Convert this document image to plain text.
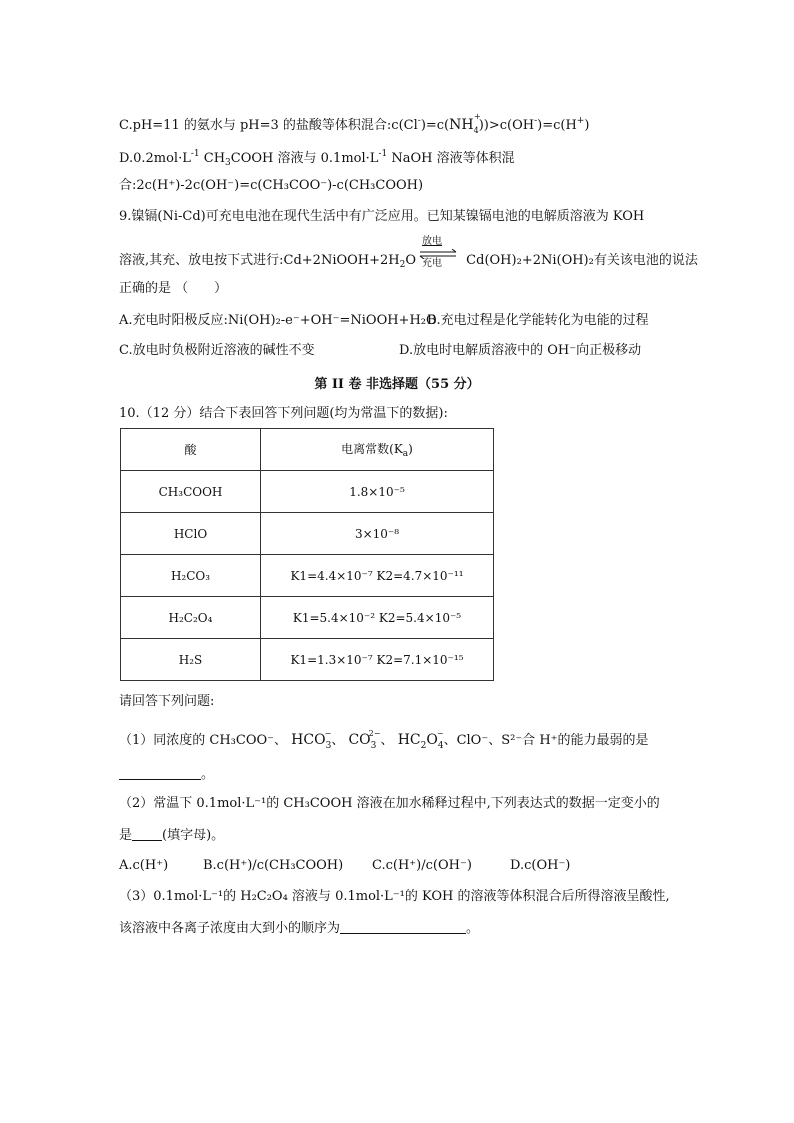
C.pH=11 的氨水与 pH=3 的盐酸等体积混合$:c(Cl^-)=c(NH_4$
+
))>c(OH-)=c(H+)
$D.0.2mol\cdot L^{-1}$ $CH_3COOH$ 溶液与 $0.1mol\cdot L^{-1}$ NaOH 溶液等体积混
合:2c(H⁺)-2c(OH⁻)=c(CH₃COO⁻)-c(CH₃COOH)
9.镍镉(Ni-Cd)可充电电池在现代生活中有广泛应用。已知某镍镉电池的电解质溶液为 KOH
溶液,其充、放电按下式进行$:Cd+2NiOOH+2H_2O \frac{\text{放电}}{\text{充电}} Cd(OH)_2+2Ni(OH)_2$有关该电池的说法
正确的是 （　　）
A.充电时阳极反应:Ni(OH)₂-e⁻+OH⁻=NiOOH+H₂O
B.充电过程是化学能转化为电能的过程
C.放电时负极附近溶液的碱性不变	D.放电时电解质溶液中的 OH⁻向正极移动
第 II 卷 非选择题（55 分）
10.（12 分）结合下表回答下列问题(均为常温下的数据):
酸	电离常数$(K_a)$
CH₃COOH	1.8×10⁻⁵
HClO	3×10⁻⁸
H₂CO₃	K1=4.4×10⁻⁷ K2=4.7×10⁻¹¹
H₂C₂O₄	K1=5.4×10⁻² K2=5.4×10⁻⁵
H₂S	K1=1.3×10⁻⁷ K2=7.1×10⁻¹⁵
请回答下列问题:
（1）同浓度的 CH₃COO⁻、 $HCO_3$
− 、 $CO_3$
2− 、 $HC_2O_4$
− 、ClO⁻、S²⁻合 H⁺的能力最弱的是
。
（2）常温下 0.1mol·L⁻¹的 CH₃COOH 溶液在加水稀释过程中,下列表达式的数据一定变小的
是 (填字母)。
A.c(H⁺)	B.c(H⁺)/c(CH₃COOH) C.c(H⁺)/c(OH⁻)	D.c(OH⁻)
（3）0.1mol·L⁻¹的 H₂C₂O₄ 溶液与 0.1mol·L⁻¹的 KOH 的溶液等体积混合后所得溶液呈酸性,
该溶液中各离子浓度由大到小的顺序为	。
